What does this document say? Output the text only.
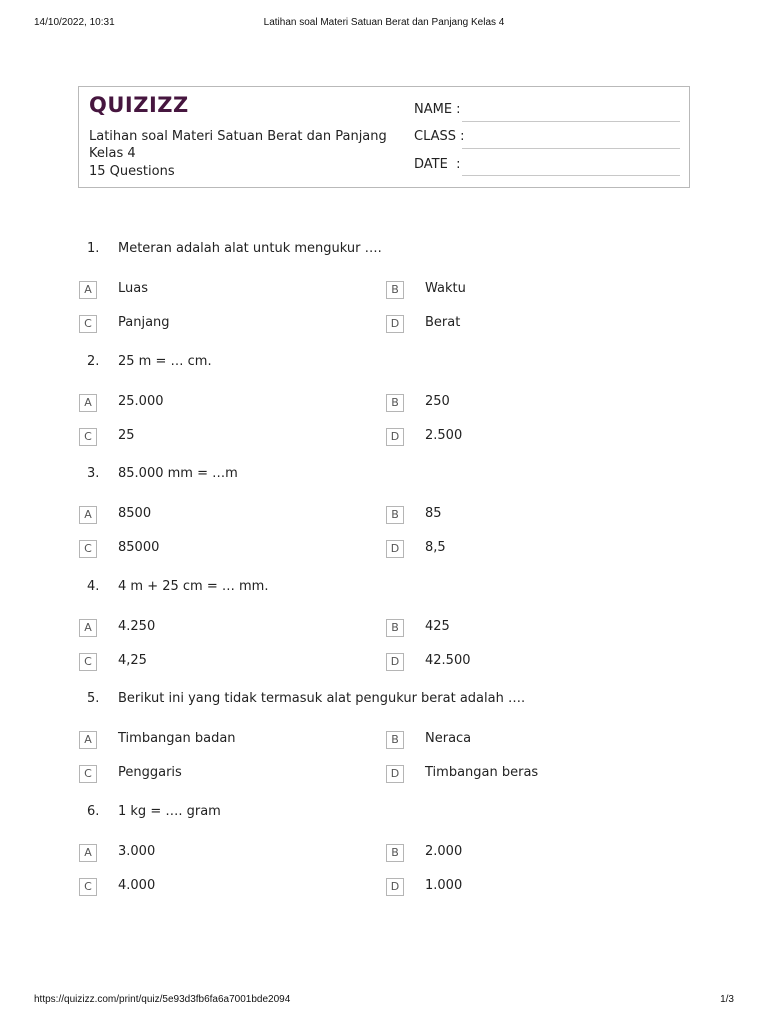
14/10/2022, 10:31	Latihan soal Materi Satuan Berat dan Panjang Kelas 4
QUIZIZZ
Latihan soal Materi Satuan Berat dan Panjang Kelas 4
15 Questions
NAME :
CLASS :
DATE  :
1. Meteran adalah alat untuk mengukur ….
A	Luas	B	Waktu
C	Panjang	D	Berat
2. 25 m = … cm.
A	25.000	B	250
C	25	D	2.500
3. 85.000 mm = …m
A	8500	B	85
C	85000	D	8,5
4. 4 m + 25 cm = … mm.
A	4.250	B	425
C	4,25	D	42.500
5. Berikut ini yang tidak termasuk alat pengukur berat adalah ….
A	Timbangan badan	B	Neraca
C	Penggaris	D	Timbangan beras
6. 1 kg = …. gram
A	3.000	B	2.000
C	4.000	D	1.000
https://quizizz.com/print/quiz/5e93d3fb6fa6a7001bde2094	1/3
